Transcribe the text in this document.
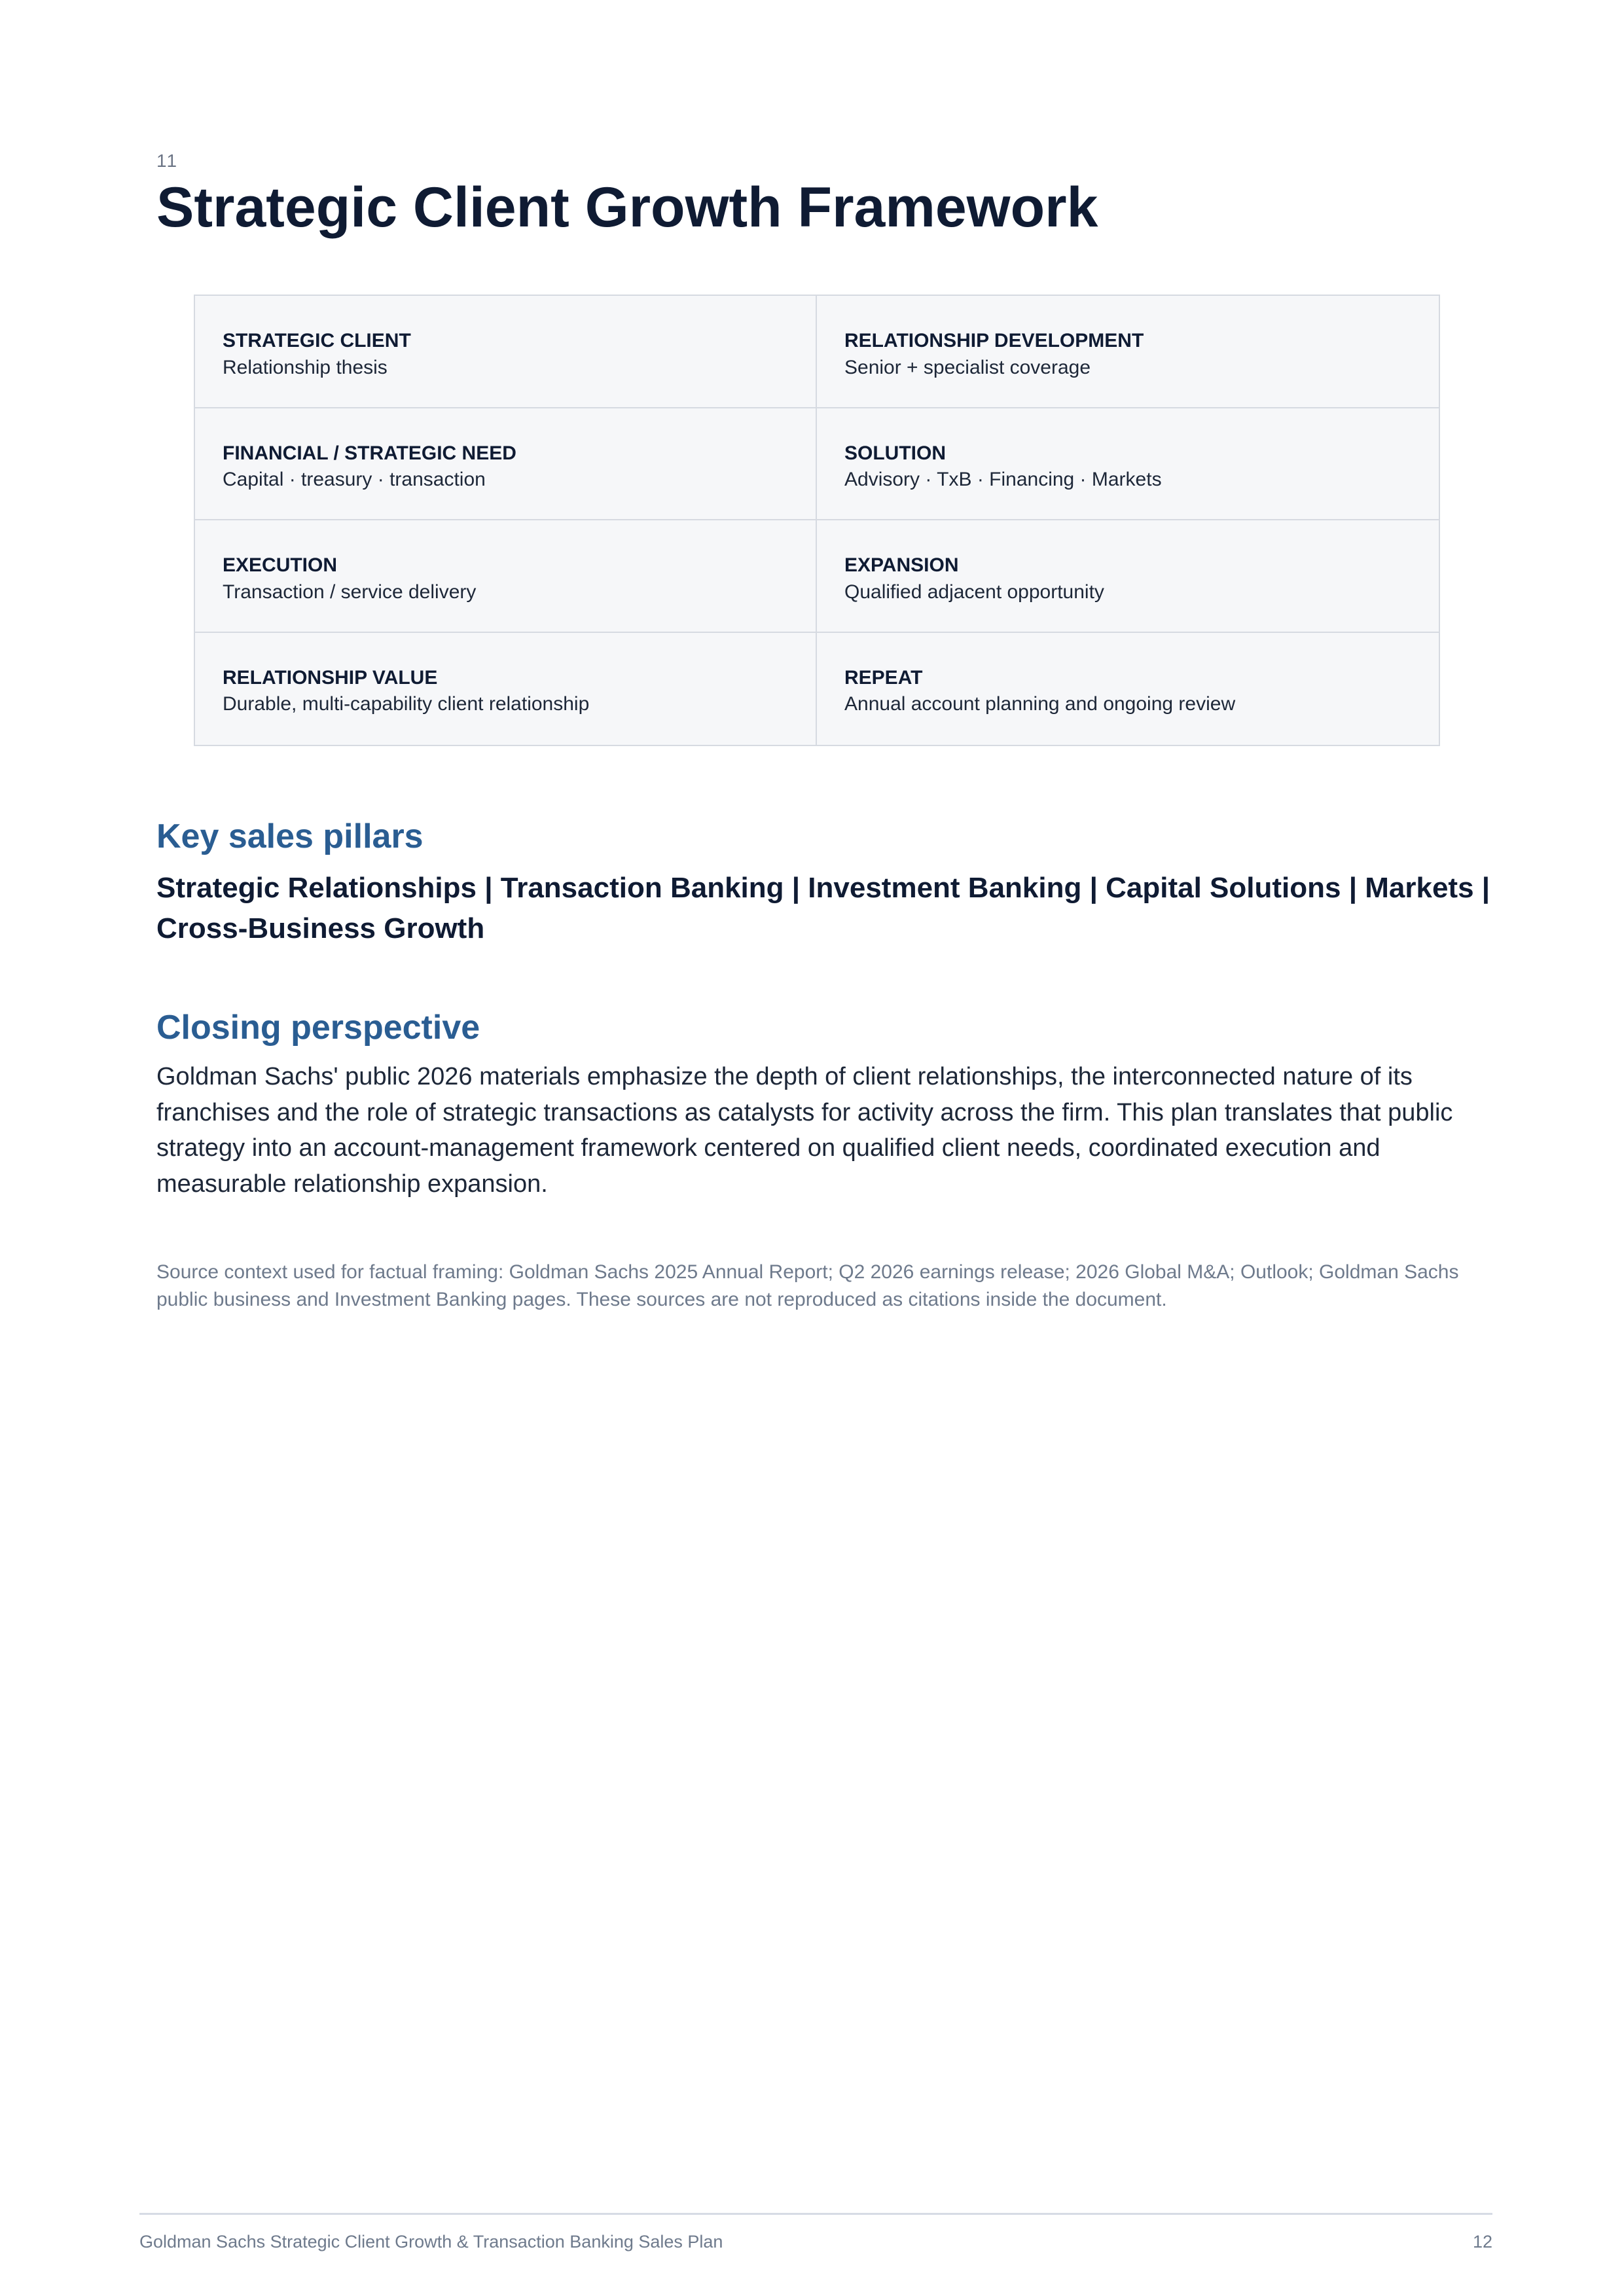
11
Strategic Client Growth Framework
STRATEGIC CLIENT
Relationship thesis
RELATIONSHIP DEVELOPMENT
Senior + specialist coverage
FINANCIAL / STRATEGIC NEED
Capital · treasury · transaction
SOLUTION
Advisory · TxB · Financing · Markets
EXECUTION
Transaction / service delivery
EXPANSION
Qualified adjacent opportunity
RELATIONSHIP VALUE
Durable, multi-capability client relationship
REPEAT
Annual account planning and ongoing review
Key sales pillars

Strategic Relationships | Transaction Banking | Investment Banking | Capital Solutions | Markets | Cross-Business Growth

Closing perspective

Goldman Sachs' public 2026 materials emphasize the depth of client relationships, the interconnected nature of its franchises and the role of strategic transactions as catalysts for activity across the firm. This plan translates that public strategy into an account-management framework centered on qualified client needs, coordinated execution and measurable relationship expansion.

Source context used for factual framing: Goldman Sachs 2025 Annual Report; Q2 2026 earnings release; 2026 Global M&A; Outlook; Goldman Sachs public business and Investment Banking pages. These sources are not reproduced as citations inside the document.

Goldman Sachs Strategic Client Growth & Transaction Banking Sales Plan	12
